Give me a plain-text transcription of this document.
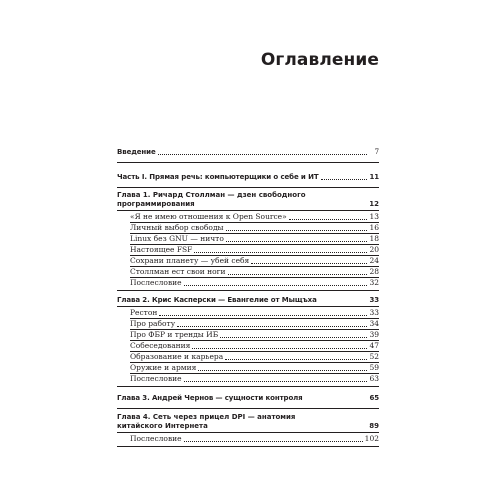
Оглавление
Введение	7
Часть I. Прямая речь: компьютерщики о себе и ИТ	11
Глава 1. Ричард Столлман — дзен свободного программирования	12
«Я не имею отношения к Open Source»	13
Личный выбор свободы	16
Linux без GNU — ничто	18
Настоящее FSF	20
Сохрани планету — убей себя	24
Столлман ест свои ноги	28
Послесловие	32
Глава 2. Крис Касперски — Евангелие от Мыщъха	33
Рестон	33
Про работу	34
Про ФБР и тренды ИБ	39
Собеседования	47
Образование и карьера	52
Оружие и армия	59
Послесловие	63
Глава 3. Андрей Чернов — сущности контроля	65
Глава 4. Сеть через прицел DPI — анатомия китайского Интернета	89
Послесловие	102
